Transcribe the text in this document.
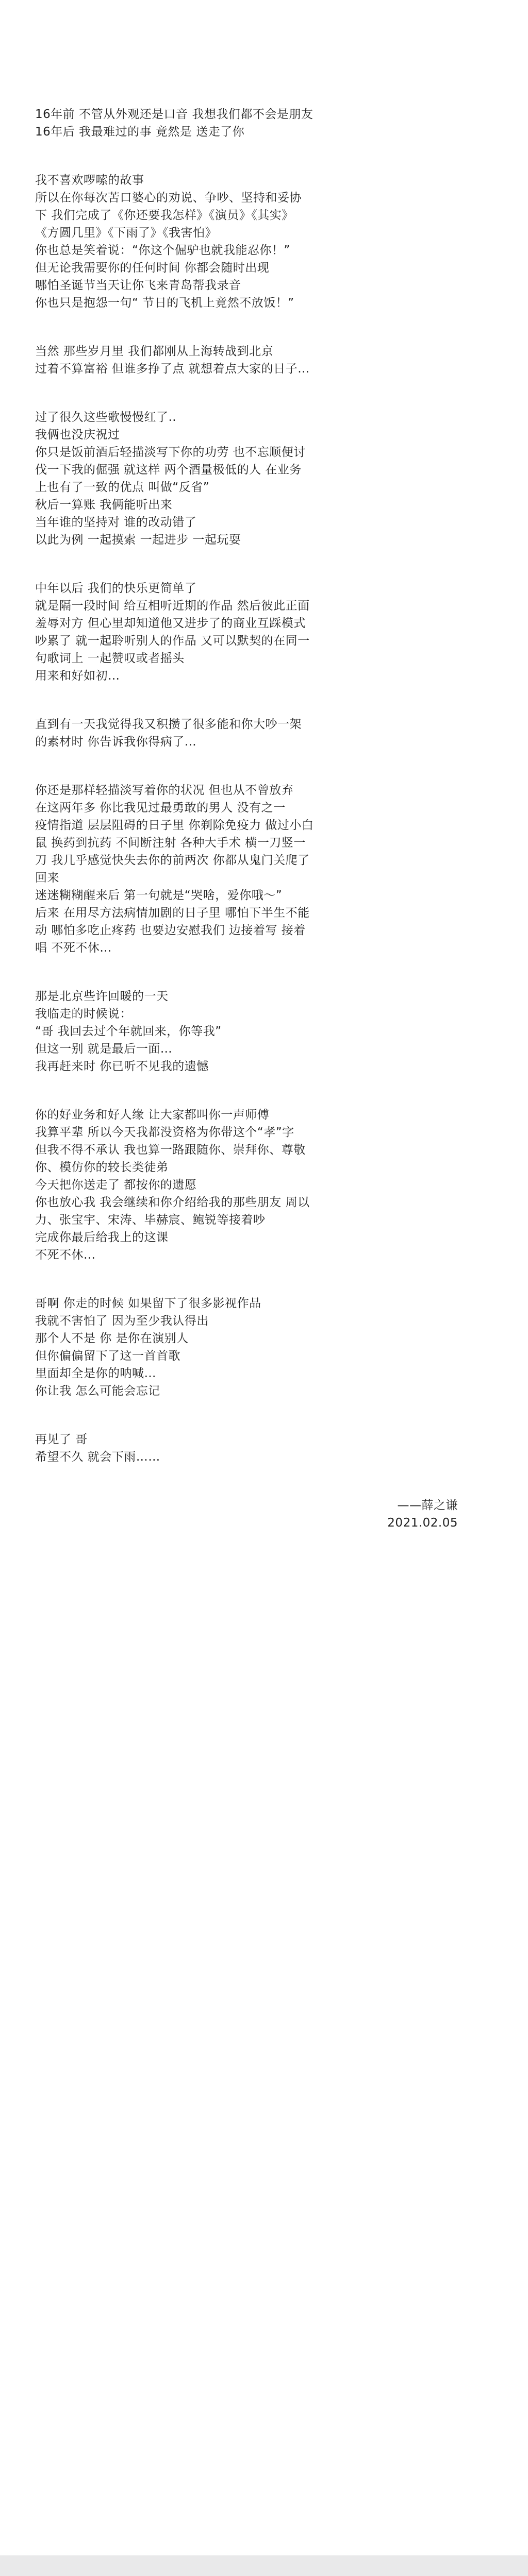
16年前 不管从外观还是口音 我想我们都不会是朋友
16年后 我最难过的事 竟然是 送走了你
我不喜欢啰嗦的故事
所以在你每次苦口婆心的劝说、争吵、坚持和妥协
下 我们完成了《你还要我怎样》《演员》《其实》
《方圆几里》《下雨了》《我害怕》
你也总是笑着说：“你这个倔驴也就我能忍你！”
但无论我需要你的任何时间 你都会随时出现
哪怕圣诞节当天让你飞来青岛帮我录音
你也只是抱怨一句“ 节日的飞机上竟然不放饭！”
当然 那些岁月里 我们都刚从上海转战到北京
过着不算富裕 但谁多挣了点 就想着点大家的日子…
过了很久这些歌慢慢红了..
我俩也没庆祝过
你只是饭前酒后轻描淡写下你的功劳 也不忘顺便讨
伐一下我的倔强 就这样 两个酒量极低的人 在业务
上也有了一致的优点 叫做“反省”
秋后一算账 我俩能听出来
当年谁的坚持对 谁的改动错了
以此为例 一起摸索 一起进步 一起玩耍
中年以后 我们的快乐更简单了
就是隔一段时间 给互相听近期的作品 然后彼此正面
羞辱对方 但心里却知道他又进步了的商业互踩模式
吵累了 就一起聆听别人的作品 又可以默契的在同一
句歌词上 一起赞叹或者摇头
用来和好如初…
直到有一天我觉得我又积攒了很多能和你大吵一架
的素材时 你告诉我你得病了…
你还是那样轻描淡写着你的状况 但也从不曾放弃
在这两年多 你比我见过最勇敢的男人 没有之一
疫情指道 层层阻碍的日子里 你剃除免疫力 做过小白
鼠 换药到抗药 不间断注射 各种大手术 横一刀竖一
刀 我几乎感觉快失去你的前两次 你都从鬼门关爬了
回来
迷迷糊糊醒来后 第一句就是“哭啥，爱你哦～”
后来 在用尽方法病情加剧的日子里 哪怕下半生不能
动 哪怕多吃止疼药 也要边安慰我们 边接着写 接着
唱 不死不休…
那是北京些许回暖的一天
我临走的时候说：
“哥 我回去过个年就回来，你等我”
但这一别 就是最后一面…
我再赶来时 你已听不见我的遗憾
你的好业务和好人缘 让大家都叫你一声师傅
我算平辈 所以今天我都没资格为你带这个“孝”字
但我不得不承认 我也算一路跟随你、崇拜你、尊敬
你、模仿你的较长类徒弟
今天把你送走了 都按你的遗愿
你也放心我 我会继续和你介绍给我的那些朋友 周以
力、张宝宇、宋涛、毕赫宸、鲍锐等接着吵
完成你最后给我上的这课
不死不休…
哥啊 你走的时候 如果留下了很多影视作品
我就不害怕了 因为至少我认得出
那个人不是 你 是你在演别人
但你偏偏留下了这一首首歌
里面却全是你的呐喊…
你让我 怎么可能会忘记
再见了 哥
希望不久 就会下雨……
——薛之谦
2021.02.05
